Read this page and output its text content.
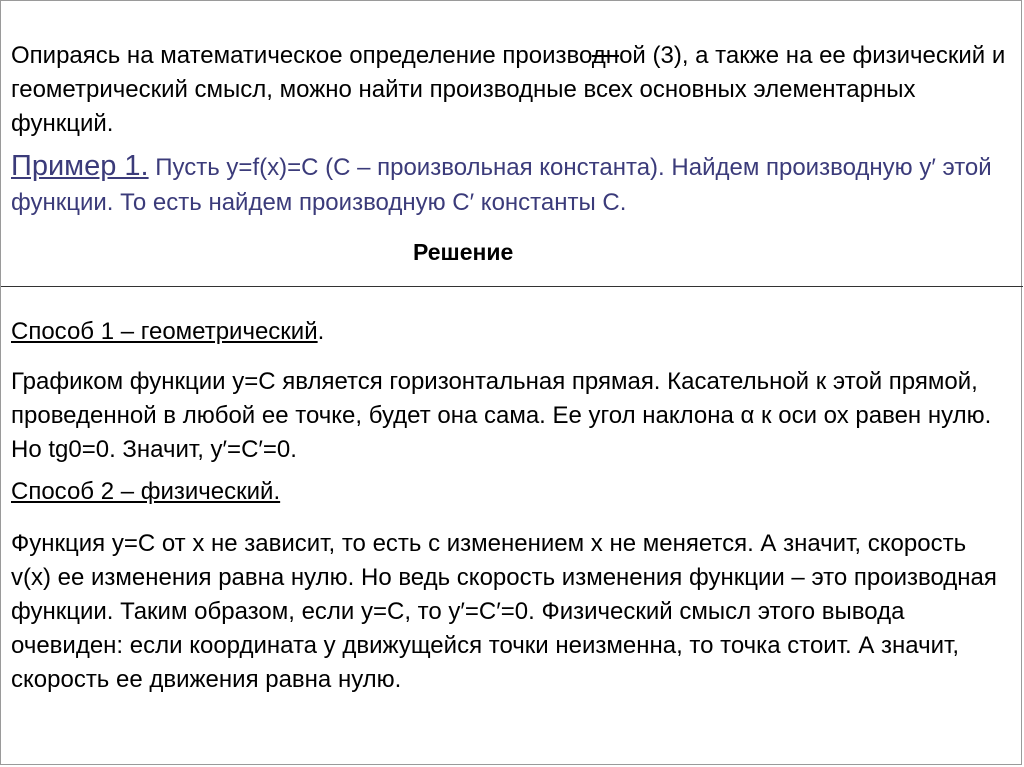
Опираясь на математическое определение производной (3), а также на ее физический и геометрический смысл, можно найти производные всех основных элементарных функций.

Пример 1. Пусть y=f(x)=C (С – произвольная константа). Найдем производную y′ этой функции. То есть найдем производную C′ константы С.

Решение

Способ 1 – геометрический.

Графиком функции y=C является горизонтальная прямая. Касательной к этой прямой, проведенной в любой ее точке, будет она сама. Ее угол наклона α к оси ох равен нулю. Но tg0=0. Значит, y′=C′=0.

Способ 2 – физический.

Функция y=C от x не зависит, то есть с изменением x не меняется. А значит, скорость v(x) ее изменения равна нулю. Но ведь скорость изменения функции – это производная функции. Таким образом, если y=C, то y′=C′=0. Физический смысл этого вывода очевиден: если координата y движущейся точки неизменна, то точка стоит. А значит, скорость ее движения равна нулю.
